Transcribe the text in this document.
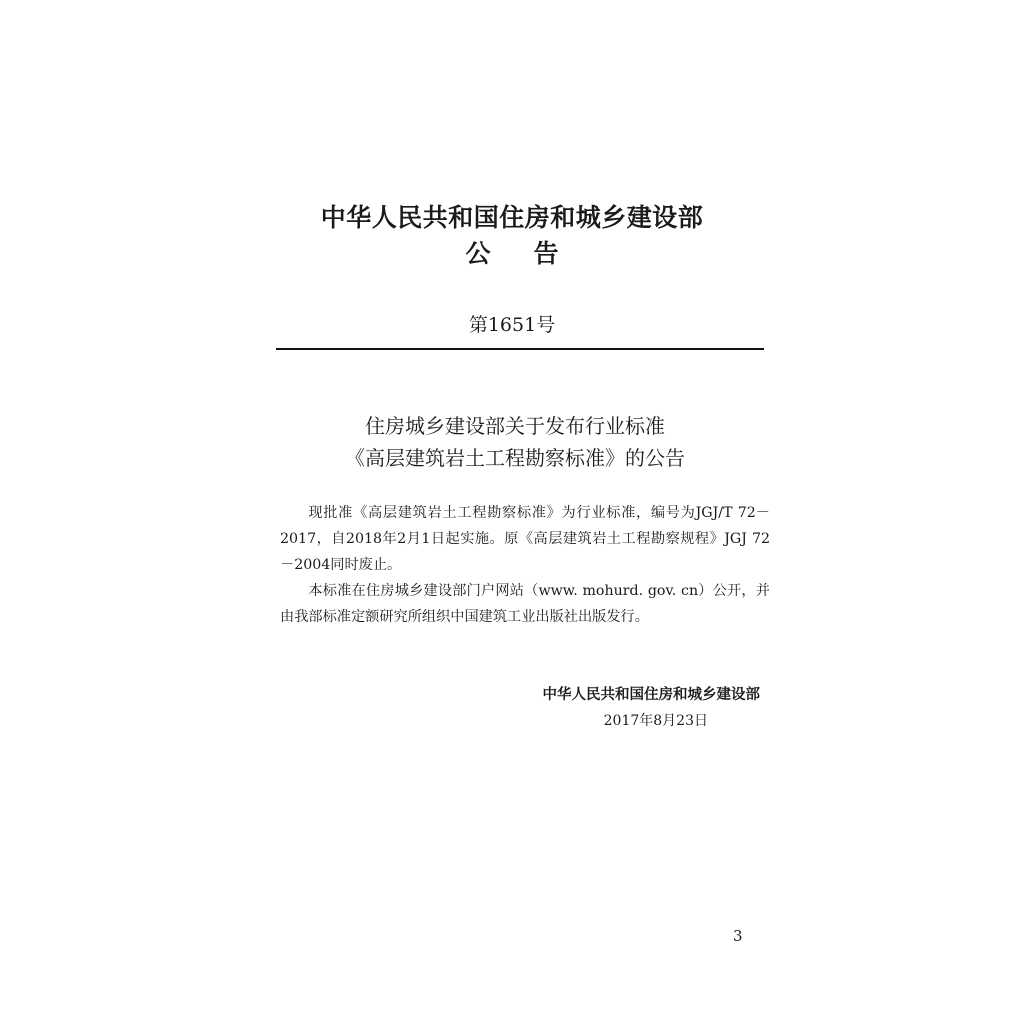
中华人民共和国住房和城乡建设部
公告
第1651号
住房城乡建设部关于发布行业标准
《高层建筑岩土工程勘察标准》的公告

现批准《高层建筑岩土工程勘察标准》为行业标准，编号为JGJ/T 72－2017，自2018年2月1日起实施。原《高层建筑岩土工程勘察规程》JGJ 72－2004同时废止。

本标准在住房城乡建设部门户网站（www. mohurd. gov. cn）公开，并由我部标准定额研究所组织中国建筑工业出版社出版发行。

中华人民共和国住房和城乡建设部
2017年8月23日
3
